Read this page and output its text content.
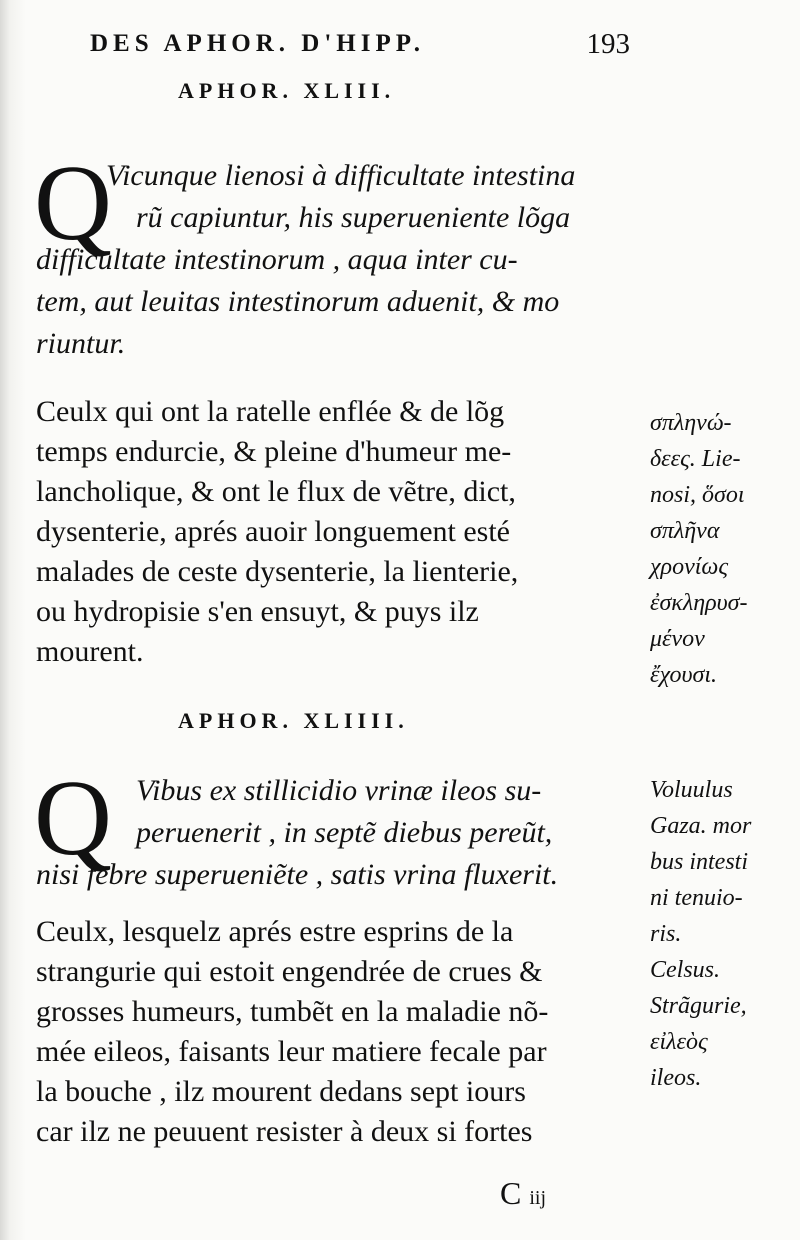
DES APHOR. D'HIPP.	193
APHOR. XLIII.
Q
Vicunque lienosi à difficultate intestina
rũ capiuntur, his superueniente lõga
difficultate intestinorum , aqua inter cu-
tem, aut leuitas intestinorum aduenit, & mo
riuntur.
Ceulx qui ont la ratelle enflée & de lõg
temps endurcie, & pleine d'humeur me-
lancholique, & ont le flux de vẽtre, dict,
dysenterie, aprés auoir longuement esté
malades de ceste dysenterie, la lienterie,
ou hydropisie s'en ensuyt, & puys ilz
mourent.
σπληνώ-
δεες. Lie-
nosi, ὅσοι
σπλῆνα
χρονίως
ἐσκληρυσ-
μένον
ἔχουσι.
APHOR. XLIIII.
Q Vibus ex stillicidio vrinæ ileos su-
peruenerit , in septẽ diebus pereũt,
nisi febre superueniẽte , satis vrina fluxerit.
Ceulx, lesquelz aprés estre esprins de la
strangurie qui estoit engendrée de crues &
grosses humeurs, tumbẽt en la maladie nõ-
mée eileos, faisants leur matiere fecale par
la bouche , ilz mourent dedans sept iours
car ilz ne peuuent resister à deux si fortes
Voluulus
Gaza. mor
bus intesti
ni tenuio-
ris.
Celsus.
Strãgurie,
εἰλεὸς
ileos.
C iij
